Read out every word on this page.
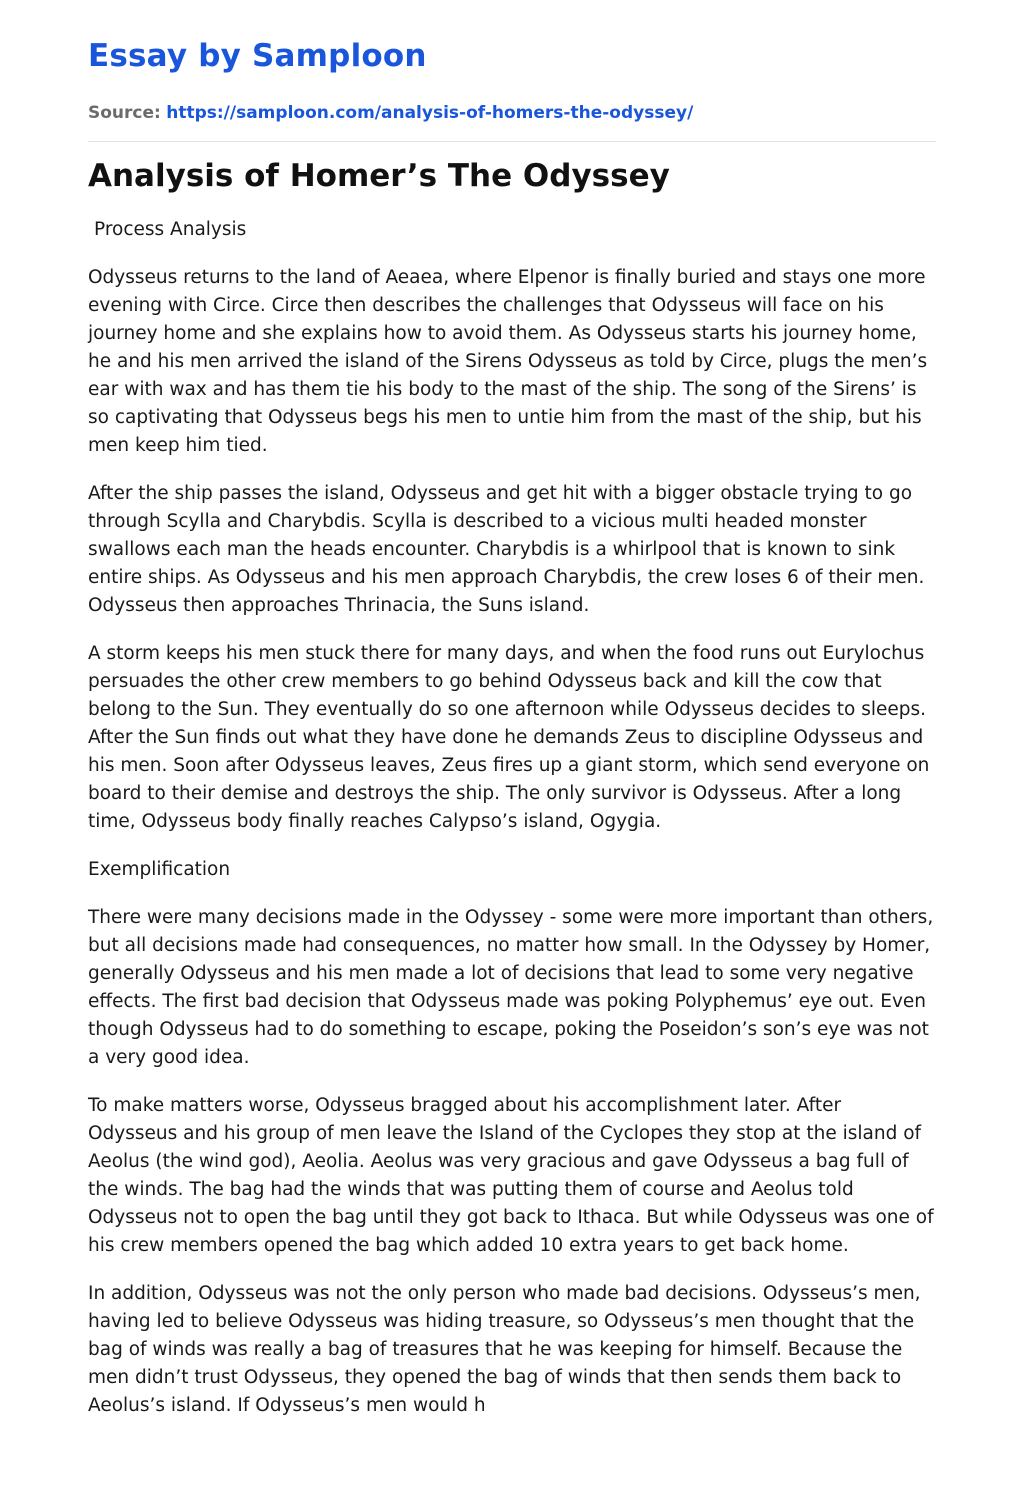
Essay by Samploon
Source: https://samploon.com/analysis-of-homers-the-odyssey/
Analysis of Homer’s The Odyssey
Process Analysis

Odysseus returns to the land of Aeaea, where Elpenor is finally buried and stays one more evening with Circe. Circe then describes the challenges that Odysseus will face on his journey home and she explains how to avoid them. As Odysseus starts his journey home, he and his men arrived the island of the Sirens Odysseus as told by Circe, plugs the men’s ear with wax and has them tie his body to the mast of the ship. The song of the Sirens’ is so captivating that Odysseus begs his men to untie him from the mast of the ship, but his men keep him tied.

After the ship passes the island, Odysseus and get hit with a bigger obstacle trying to go through Scylla and Charybdis. Scylla is described to a vicious multi headed monster swallows each man the heads encounter. Charybdis is a whirlpool that is known to sink entire ships. As Odysseus and his men approach Charybdis, the crew loses 6 of their men. Odysseus then approaches Thrinacia, the Suns island.

A storm keeps his men stuck there for many days, and when the food runs out Eurylochus persuades the other crew members to go behind Odysseus back and kill the cow that belong to the Sun. They eventually do so one afternoon while Odysseus decides to sleeps. After the Sun finds out what they have done he demands Zeus to discipline Odysseus and his men. Soon after Odysseus leaves, Zeus fires up a giant storm, which send everyone on board to their demise and destroys the ship. The only survivor is Odysseus. After a long time, Odysseus body finally reaches Calypso’s island, Ogygia.

Exemplification

There were many decisions made in the Odyssey - some were more important than others, but all decisions made had consequences, no matter how small. In the Odyssey by Homer, generally Odysseus and his men made a lot of decisions that lead to some very negative effects. The first bad decision that Odysseus made was poking Polyphemus’ eye out. Even though Odysseus had to do something to escape, poking the Poseidon’s son’s eye was not a very good idea.

To make matters worse, Odysseus bragged about his accomplishment later. After Odysseus and his group of men leave the Island of the Cyclopes they stop at the island of Aeolus (the wind god), Aeolia. Aeolus was very gracious and gave Odysseus a bag full of the winds. The bag had the winds that was putting them of course and Aeolus told Odysseus not to open the bag until they got back to Ithaca. But while Odysseus was one of his crew members opened the bag which added 10 extra years to get back home.

In addition, Odysseus was not the only person who made bad decisions. Odysseus’s men, having led to believe Odysseus was hiding treasure, so Odysseus’s men thought that the bag of winds was really a bag of treasures that he was keeping for himself. Because the men didn’t trust Odysseus, they opened the bag of winds that then sends them back to Aeolus’s island. If Odysseus’s men would h
